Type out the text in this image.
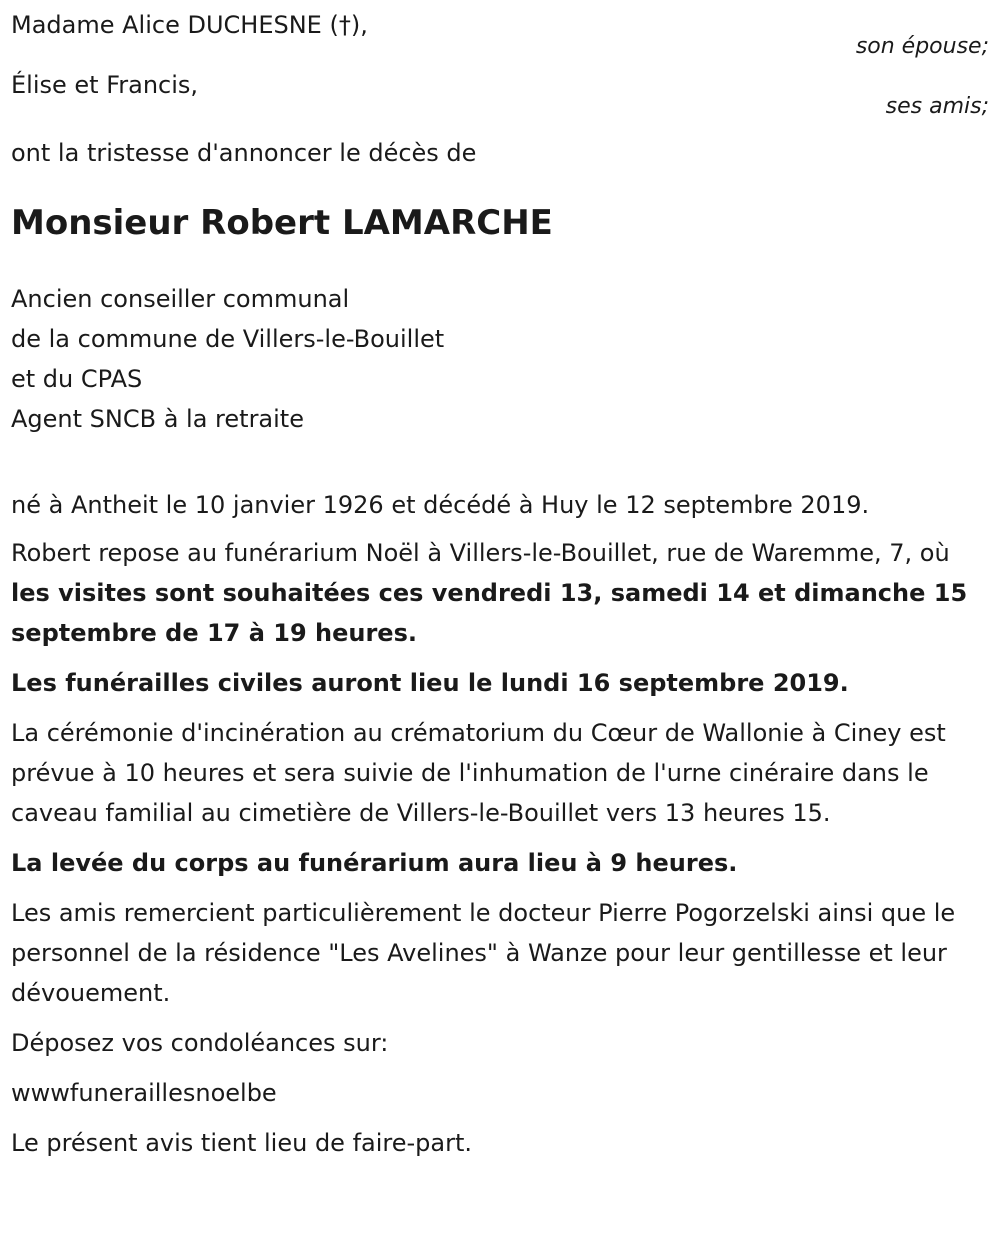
Madame Alice DUCHESNE (†),

son épouse;

Élise et Francis,

ses amis;

ont la tristesse d'annoncer le décès de

Monsieur Robert LAMARCHE

Ancien conseiller communal

de la commune de Villers-le-Bouillet

et du CPAS

Agent SNCB à la retraite

né à Antheit le 10 janvier 1926 et décédé à Huy le 12 septembre 2019.

Robert repose au funérarium Noël à Villers-le-Bouillet, rue de Waremme, 7, où les visites sont souhaitées ces vendredi 13, samedi 14 et dimanche 15 septembre de 17 à 19 heures.

Les funérailles civiles auront lieu le lundi 16 septembre 2019.

La cérémonie d'incinération au crématorium du Cœur de Wallonie à Ciney est prévue à 10 heures et sera suivie de l'inhumation de l'urne cinéraire dans le caveau familial au cimetière de Villers-le-Bouillet vers 13 heures 15.

La levée du corps au funérarium aura lieu à 9 heures.

Les amis remercient particulièrement le docteur Pierre Pogorzelski ainsi que le personnel de la résidence "Les Avelines" à Wanze pour leur gentillesse et leur dévouement.

Déposez vos condoléances sur:

wwwfuneraillesnoelbe

Le présent avis tient lieu de faire-part.
